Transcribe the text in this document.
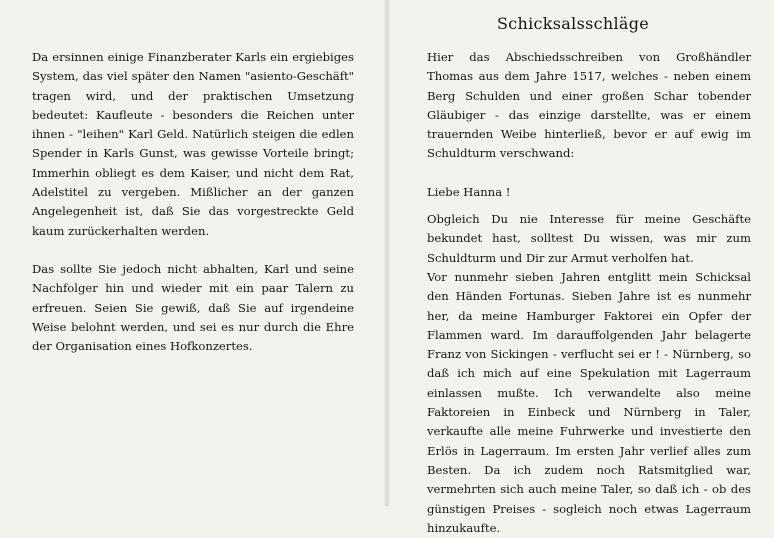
Da ersinnen einige Finanzberater Karls ein ergiebiges System, das viel später den Namen "asiento-Geschäft" tragen wird, und der praktischen Umsetzung bedeutet: Kaufleute - besonders die Reichen unter ihnen - "leihen" Karl Geld. Natürlich steigen die edlen Spender in Karls Gunst, was gewisse Vorteile bringt; Immerhin obliegt es dem Kaiser, und nicht dem Rat, Adelstitel zu vergeben. Mißlicher an der ganzen Angelegenheit ist, daß Sie das vorgestreckte Geld kaum zurückerhalten werden.

Das sollte Sie jedoch nicht abhalten, Karl und seine Nachfolger hin und wieder mit ein paar Talern zu erfreuen. Seien Sie gewiß, daß Sie auf irgendeine Weise belohnt werden, und sei es nur durch die Ehre der Organisation eines Hofkonzertes.

Schicksalsschläge

Hier das Abschiedsschreiben von Großhändler Thomas aus dem Jahre 1517, welches - neben einem Berg Schulden und einer großen Schar tobender Gläubiger - das einzige darstellte, was er einem trauernden Weibe hinterließ, bevor er auf ewig im Schuldturm verschwand:

Liebe Hanna !

Obgleich Du nie Interesse für meine Geschäfte bekundet hast, solltest Du wissen, was mir zum Schuldturm und Dir zur Armut verholfen hat.

Vor nunmehr sieben Jahren entglitt mein Schicksal den Händen Fortunas. Sieben Jahre ist es nunmehr her, da meine Hamburger Faktorei ein Opfer der Flammen ward. Im darauffolgenden Jahr belagerte Franz von Sickingen - verflucht sei er ! - Nürnberg, so daß ich mich auf eine Spekulation mit Lagerraum einlassen mußte. Ich verwandelte also meine Faktoreien in Einbeck und Nürnberg in Taler, verkaufte alle meine Fuhrwerke und investierte den Erlös in Lagerraum. Im ersten Jahr verlief alles zum Besten. Da ich zudem noch Ratsmitglied war, vermehrten sich auch meine Taler, so daß ich - ob des günstigen Preises - sogleich noch etwas Lagerraum hinzukaufte.
